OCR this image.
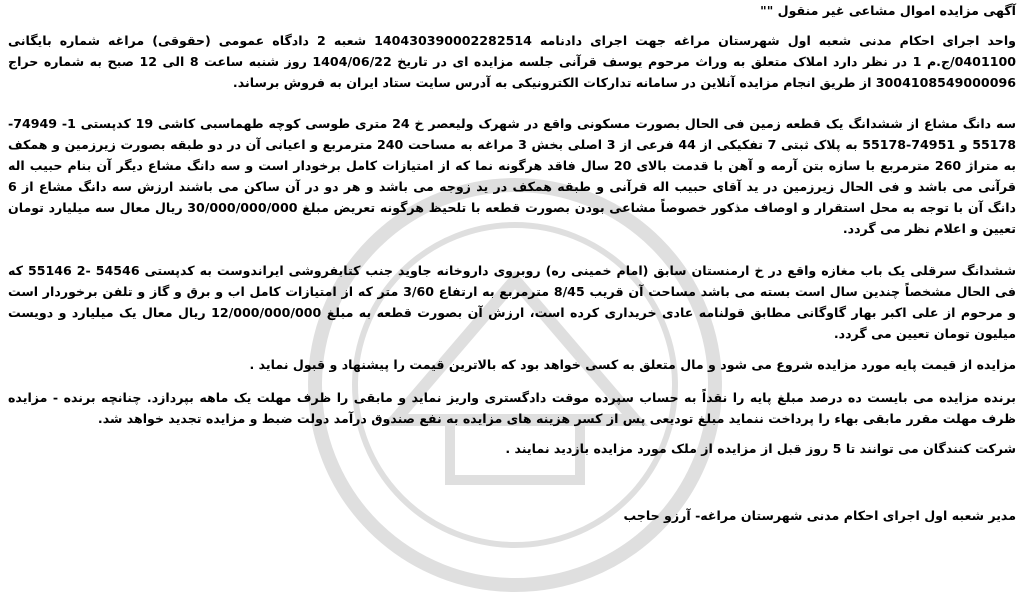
آگهی مزایده اموال مشاعی غیر منقول ""

واحد اجرای احکام مدنی شعبه اول شهرستان مراغه جهت اجرای دادنامه 140430390002282514 شعبه 2 دادگاه عمومی (حقوقی) مراغه شماره بایگانی 0401100/ج.م 1 در نظر دارد املاک متعلق به وراث مرحوم یوسف قرآنی جلسه مزایده ای در تاریخ 1404/06/22 روز شنبه ساعت 8 الی 12 صبح به شماره حراج 3004108549000096 از طریق انجام مزایده آنلاین در سامانه تدارکات الکترونیکی به آدرس سایت ستاد ایران به فروش برساند.

سه دانگ مشاع از ششدانگ یک قطعه زمین فی الحال بصورت مسکونی واقع در شهرک ولیعصر خ 24 متری طوسی کوچه طهماسبی کاشی 19 کدپستی 1- 74949-55178 و 74951-55178 به پلاک ثبتی 7 تفکیکی از 44 فرعی از 3 اصلی بخش 3 مراغه به مساحت 240 مترمربع و اعیانی آن در دو طبقه بصورت زیرزمین و همکف به متراژ 260 مترمربع با سازه بتن آرمه و آهن با قدمت بالای 20 سال فاقد هرگونه نما که از امتیازات کامل برخودار است و سه دانگ مشاع دیگر آن بنام حبیب اله قرآنی می باشد و فی الحال زیرزمین در ید آقای حبیب اله قرآنی و طبقه همکف در ید زوجه می باشد و هر دو در آن ساکن می باشند ارزش سه دانگ مشاع از 6 دانگ آن با توجه به محل استقرار و اوصاف مذکور خصوصاً مشاعی بودن بصورت قطعه با تلحیظ هرگونه تعریض مبلغ 30/000/000/000 ریال معال سه میلیارد تومان تعیین و اعلام نظر می گردد.

ششدانگ سرقلی یک باب مغازه واقع در خ ارمنستان سابق (امام خمینی ره) روبروی داروخانه جاوید جنب کتابفروشی ایراندوست به کدپستی 54546 -2 55146 که فی الحال مشخصاً چندین سال است بسته می باشد مساحت آن قریب 8/45 مترمربع به ارتفاع 3/60 متر که از امتیازات کامل اب و برق و گاز و تلفن برخوردار است و مرحوم از علی اکبر بهار گاوگانی مطابق قولنامه عادی خریداری کرده است، ارزش آن بصورت قطعه به مبلغ 12/000/000/000 ریال معال یک میلیارد و دویست میلیون تومان تعیین می گردد.

مزایده از قیمت پایه مورد مزایده شروع می شود و مال متعلق به کسی خواهد بود که بالاترین قیمت را پیشنهاد و قبول نماید .

برنده مزایده می بایست ده درصد مبلغ پایه را نقداً به حساب سپرده موقت دادگستری واریز نماید و مابقی را ظرف مهلت یک ماهه بپردازد. چنانچه برنده - مزایده ظرف مهلت مقرر مابقی بهاء را پرداخت ننماید مبلغ تودیعی پس از کسر هزینه های مزایده به نفع صندوق درآمد دولت ضبط و مزایده تجدید خواهد شد.

شرکت کنندگان می توانند تا 5 روز قبل از مزایده از ملک مورد مزایده بازدید نمایند .

مدیر شعبه اول اجرای احکام مدنی شهرستان مراغه- آرزو حاجب
